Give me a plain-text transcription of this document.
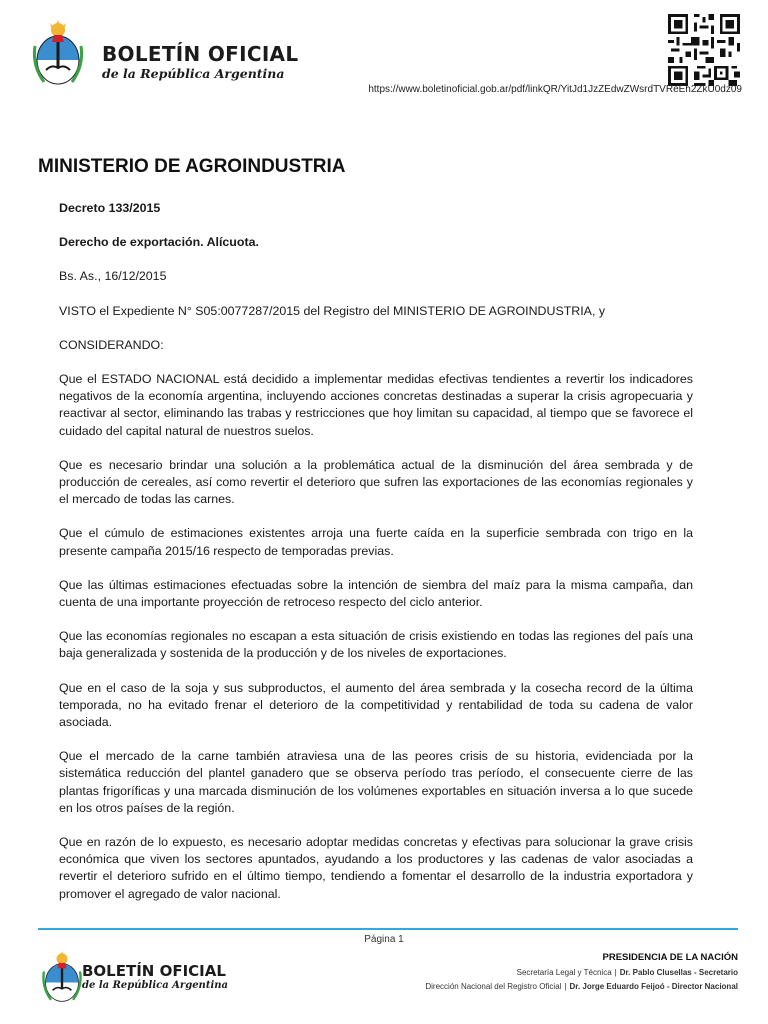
BOLETÍN OFICIAL
de la República Argentina
https://www.boletinoficial.gob.ar/pdf/linkQR/YitJd1JzZEdwZWsrdTVReEh2ZkU0dz09
MINISTERIO DE AGROINDUSTRIA

Decreto 133/2015

Derecho de exportación. Alícuota.

Bs. As., 16/12/2015

VISTO el Expediente N° S05:0077287/2015 del Registro del MINISTERIO DE AGROINDUSTRIA, y

CONSIDERANDO:

Que el ESTADO NACIONAL está decidido a implementar medidas efectivas tendientes a revertir los indicadores negativos de la economía argentina, incluyendo acciones concretas destinadas a superar la crisis agropecuaria y reactivar al sector, eliminando las trabas y restricciones que hoy limitan su capacidad, al tiempo que se favorece el cuidado del capital natural de nuestros suelos.

Que es necesario brindar una solución a la problemática actual de la disminución del área sembrada y de producción de cereales, así como revertir el deterioro que sufren las exportaciones de las economías regionales y el mercado de todas las carnes.

Que el cúmulo de estimaciones existentes arroja una fuerte caída en la superficie sembrada con trigo en la presente campaña 2015/16 respecto de temporadas previas.

Que las últimas estimaciones efectuadas sobre la intención de siembra del maíz para la misma campaña, dan cuenta de una importante proyección de retroceso respecto del ciclo anterior.

Que las economías regionales no escapan a esta situación de crisis existiendo en todas las regiones del país una baja generalizada y sostenida de la producción y de los niveles de exportaciones.

Que en el caso de la soja y sus subproductos, el aumento del área sembrada y la cosecha record de la última temporada, no ha evitado frenar el deterioro de la competitividad y rentabilidad de toda su cadena de valor asociada.

Que el mercado de la carne también atraviesa una de las peores crisis de su historia, evidenciada por la sistemática reducción del plantel ganadero que se observa período tras período, el consecuente cierre de las plantas frigoríficas y una marcada disminución de los volúmenes exportables en situación inversa a lo que sucede en los otros países de la región.

Que en razón de lo expuesto, es necesario adoptar medidas concretas y efectivas para solucionar la grave crisis económica que viven los sectores apuntados, ayudando a los productores y las cadenas de valor asociadas a revertir el deterioro sufrido en el último tiempo, tendiendo a fomentar el desarrollo de la industria exportadora y promover el agregado de valor nacional.

Página 1
BOLETÍN OFICIAL
de la República Argentina
PRESIDENCIA DE LA NACIÓN
Secretaría Legal y Técnica | Dr. Pablo Clusellas - Secretario
Dirección Nacional del Registro Oficial | Dr. Jorge Eduardo Feijoó - Director Nacional
